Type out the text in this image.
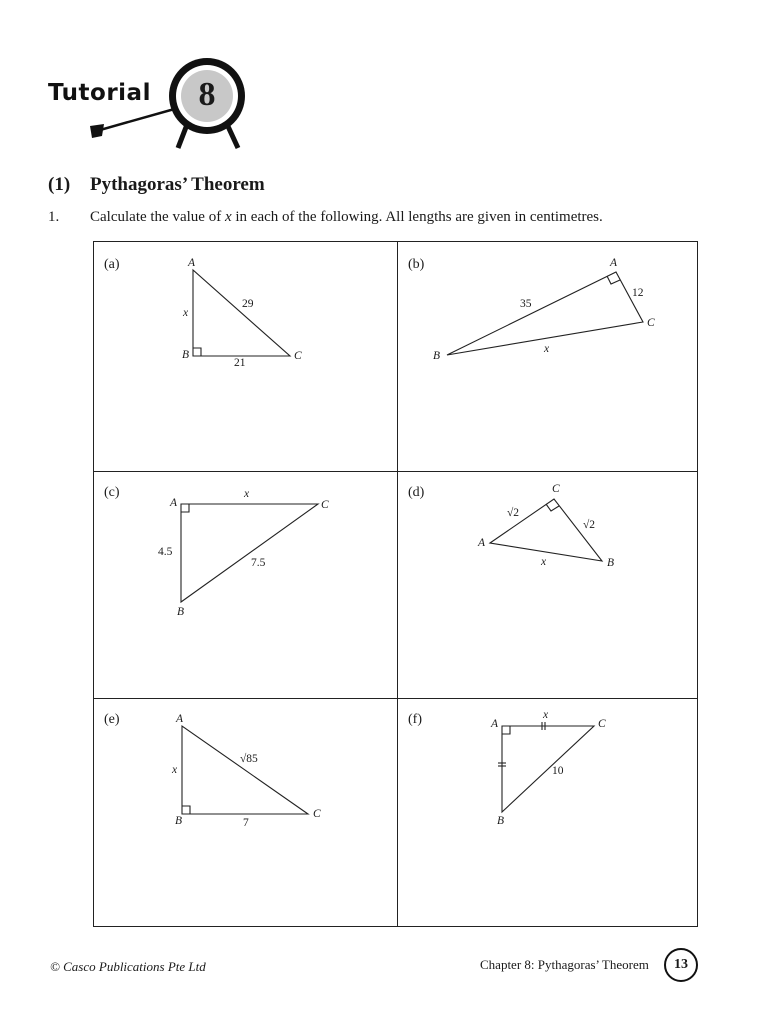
Tutorial 8
(1) Pythagoras’ Theorem
1. Calculate the value of x in each of the following. All lengths are given in centimetres.
(a)	(b)
(c)	(d)
(e)	(f)
A
B	C
x
29
21
A
B
C
35
12
x
A
B
C
x
4.5
7.5
C
A
B
√2
√2
x
A
B
C
x
√85
7
A
B
C
x
10
© Casco Publications Pte Ltd	Chapter 8: Pythagoras’ Theorem	13
